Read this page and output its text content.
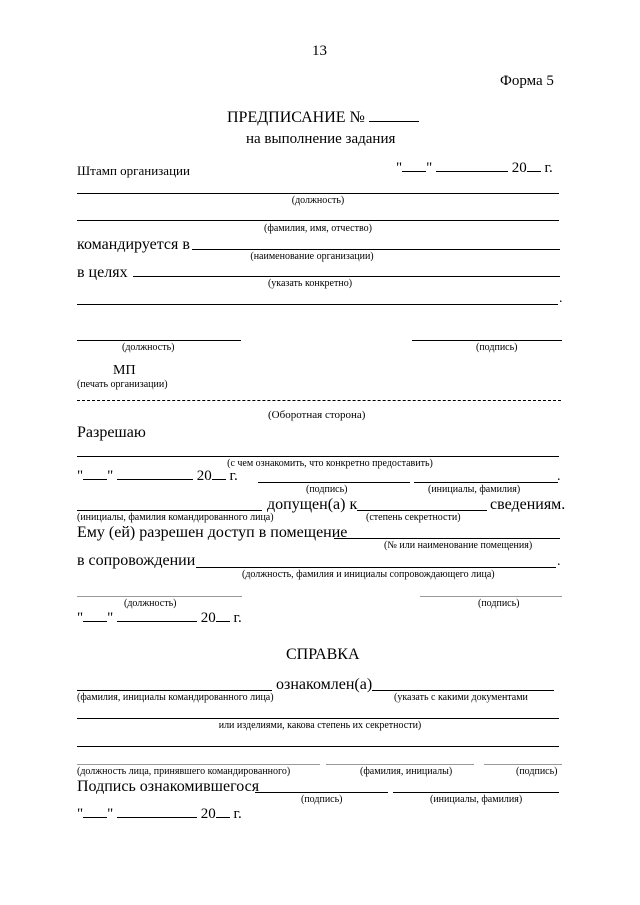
13
Форма 5
ПРЕДПИСАНИЕ №
на выполнение задания
Штамп организации	" "	20 г.
(должность)
(фамилия, имя, отчество)
командируется в
(наименование организации)
в целях
(указать конкретно)
.
(должность)	(подпись)
МП
(печать организации)
(Оборотная сторона)
Разрешаю
(с чем ознакомить, что конкретно предоставить)
" "	20 г.	.
(подпись)	(инициалы, фамилия)
допущен(а) к	сведениям.
(инициалы, фамилия командированного лица)	(степень секретности)
Ему (ей) разрешен доступ в помещение
(№ или наименование помещения)
в сопровождении	.
(должность, фамилия и инициалы сопровождающего лица)
(должность)	(подпись)
" "	20 г.
СПРАВКА
ознакомлен(а)
(фамилия, инициалы командированного лица)	(указать с какими документами
или изделиями, какова степень их секретности)
(должность лица, принявшего командированного)	(фамилия, инициалы)	(подпись)
Подпись ознакомившегося
(подпись)	(инициалы, фамилия)
" "	20 г.
